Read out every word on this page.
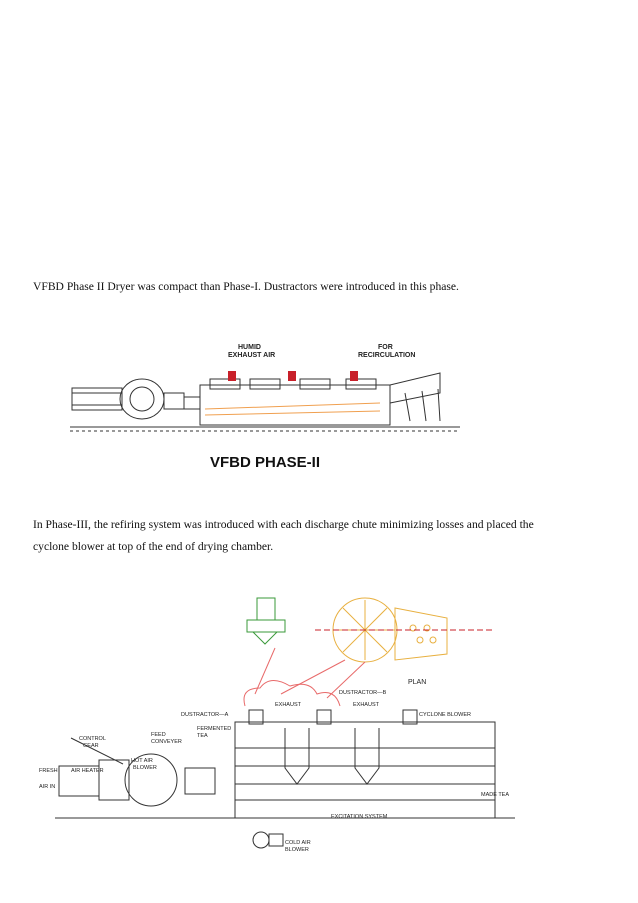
VFBD Phase II Dryer was compact than Phase-I. Dustractors were introduced in this phase.

HUMID
EXHAUST AIR
FOR
RECIRCULATION
VFBD PHASE-II

In Phase-III, the refiring system was introduced with each discharge chute minimizing losses and placed the
cyclone blower at top of the end of drying chamber.

PLAN
DUSTRACTOR—B
DUSTRACTOR—A
EXHAUST	EXHAUST
CYCLONE BLOWER
CONTROL
GEAR
FEED
CONVEYER
FERMENTED
TEA
FRESH
AIR IN
AIR HEATER
HOT AIR
BLOWER
MADE TEA
EXCITATION SYSTEM
COLD AIR
BLOWER
